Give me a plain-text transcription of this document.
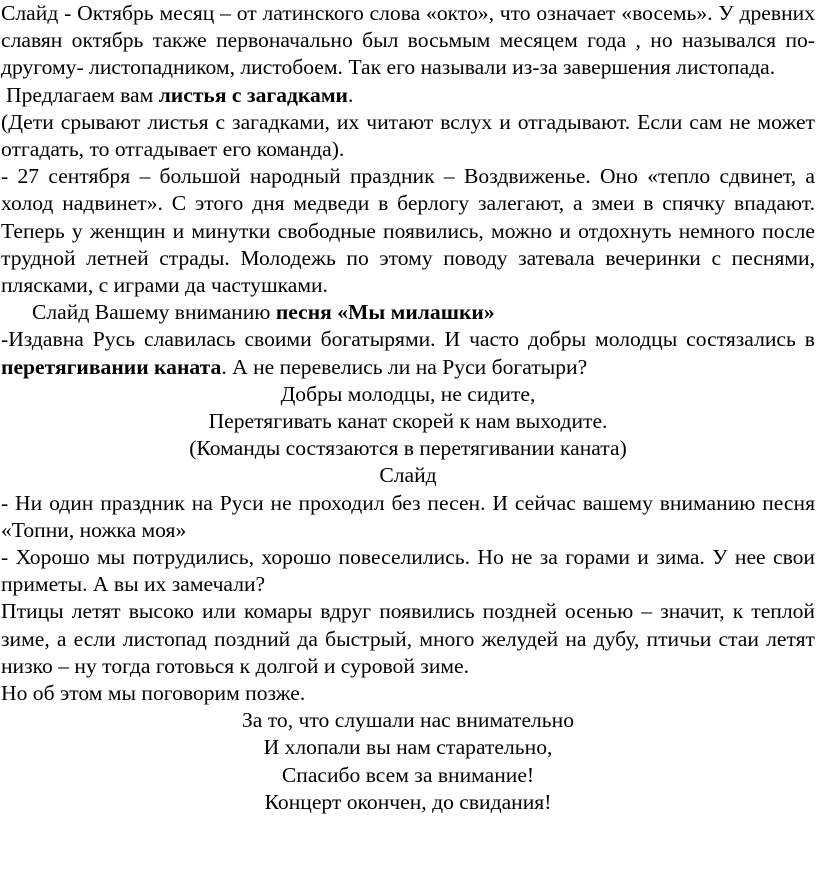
Слайд - Октябрь месяц – от латинского слова «окто», что означает «восемь». У древних славян октябрь также первоначально был восьмым месяцем года , но назывался по- другому- листопадником, листобоем. Так его называли из-за завершения листопада.

Предлагаем вам листья с загадками.

(Дети срывают листья с загадками, их читают вслух и отгадывают. Если сам не может отгадать, то отгадывает его команда).

- 27 сентября – большой народный праздник – Воздвиженье. Оно «тепло сдвинет, а холод надвинет». С этого дня медведи в берлогу залегают, а змеи в спячку впадают. Теперь у женщин и минутки свободные появились, можно и отдохнуть немного после трудной летней страды. Молодежь по этому поводу затевала вечеринки с песнями, плясками, с играми да частушками.

Слайд Вашему вниманию песня «Мы милашки»

-Издавна Русь славилась своими богатырями. И часто добры молодцы состязались в перетягивании каната. А не перевелись ли на Руси богатыри?

Добры молодцы, не сидите,

Перетягивать канат скорей к нам выходите.

(Команды состязаются в перетягивании каната)

Слайд

- Ни один праздник на Руси не проходил без песен. И сейчас вашему вниманию песня «Топни, ножка моя»

- Хорошо мы потрудились, хорошо повеселились. Но не за горами и зима. У нее свои приметы. А вы их замечали?

Птицы летят высоко или комары вдруг появились поздней осенью – значит, к теплой зиме, а если листопад поздний да быстрый, много желудей на дубу, птичьи стаи летят низко – ну тогда готовься к долгой и суровой зиме.

Но об этом мы поговорим позже.

За то, что слушали нас внимательно

И хлопали вы нам старательно,

Спасибо всем за внимание!

Концерт окончен, до свидания!
